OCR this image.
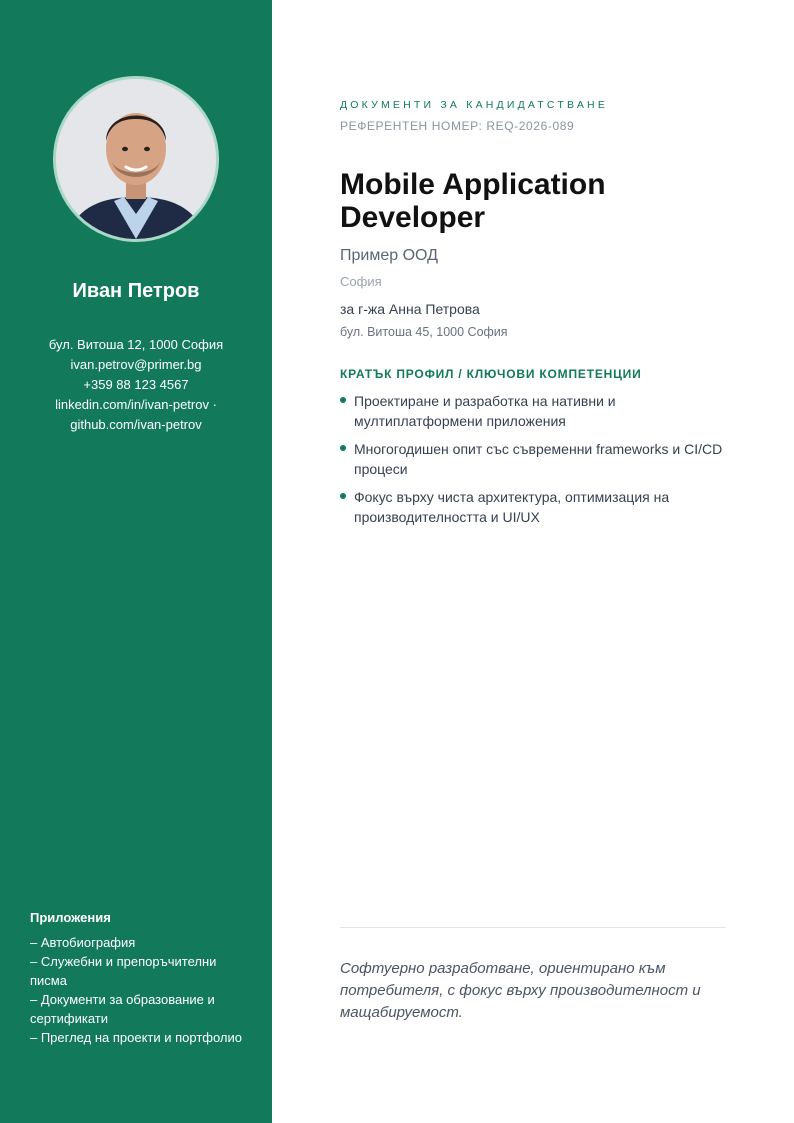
Иван Петров
бул. Витоша 12, 1000 София
ivan.petrov@primer.bg
+359 88 123 4567
linkedin.com/in/ivan-petrov ·
github.com/ivan-petrov
Приложения
– Автобиография
– Служебни и препоръчителни писма
– Документи за образование и сертификати
– Преглед на проекти и портфолио
ДОКУМЕНТИ ЗА КАНДИДАТСТВАНЕ
РЕФЕРЕНТЕН НОМЕР: REQ-2026-089
Mobile Application Developer
Пример ООД
София
за г-жа Анна Петрова
бул. Витоша 45, 1000 София
КРАТЪК ПРОФИЛ / КЛЮЧОВИ КОМПЕТЕНЦИИ
Проектиране и разработка на нативни и мултиплатформени приложения
Многогодишен опит със съвременни frameworks и CI/CD процеси
Фокус върху чиста архитектура, оптимизация на производителността и UI/UX
Софтуерно разработване, ориентирано към потребителя, с фокус върху производителност и мащабируемост.
